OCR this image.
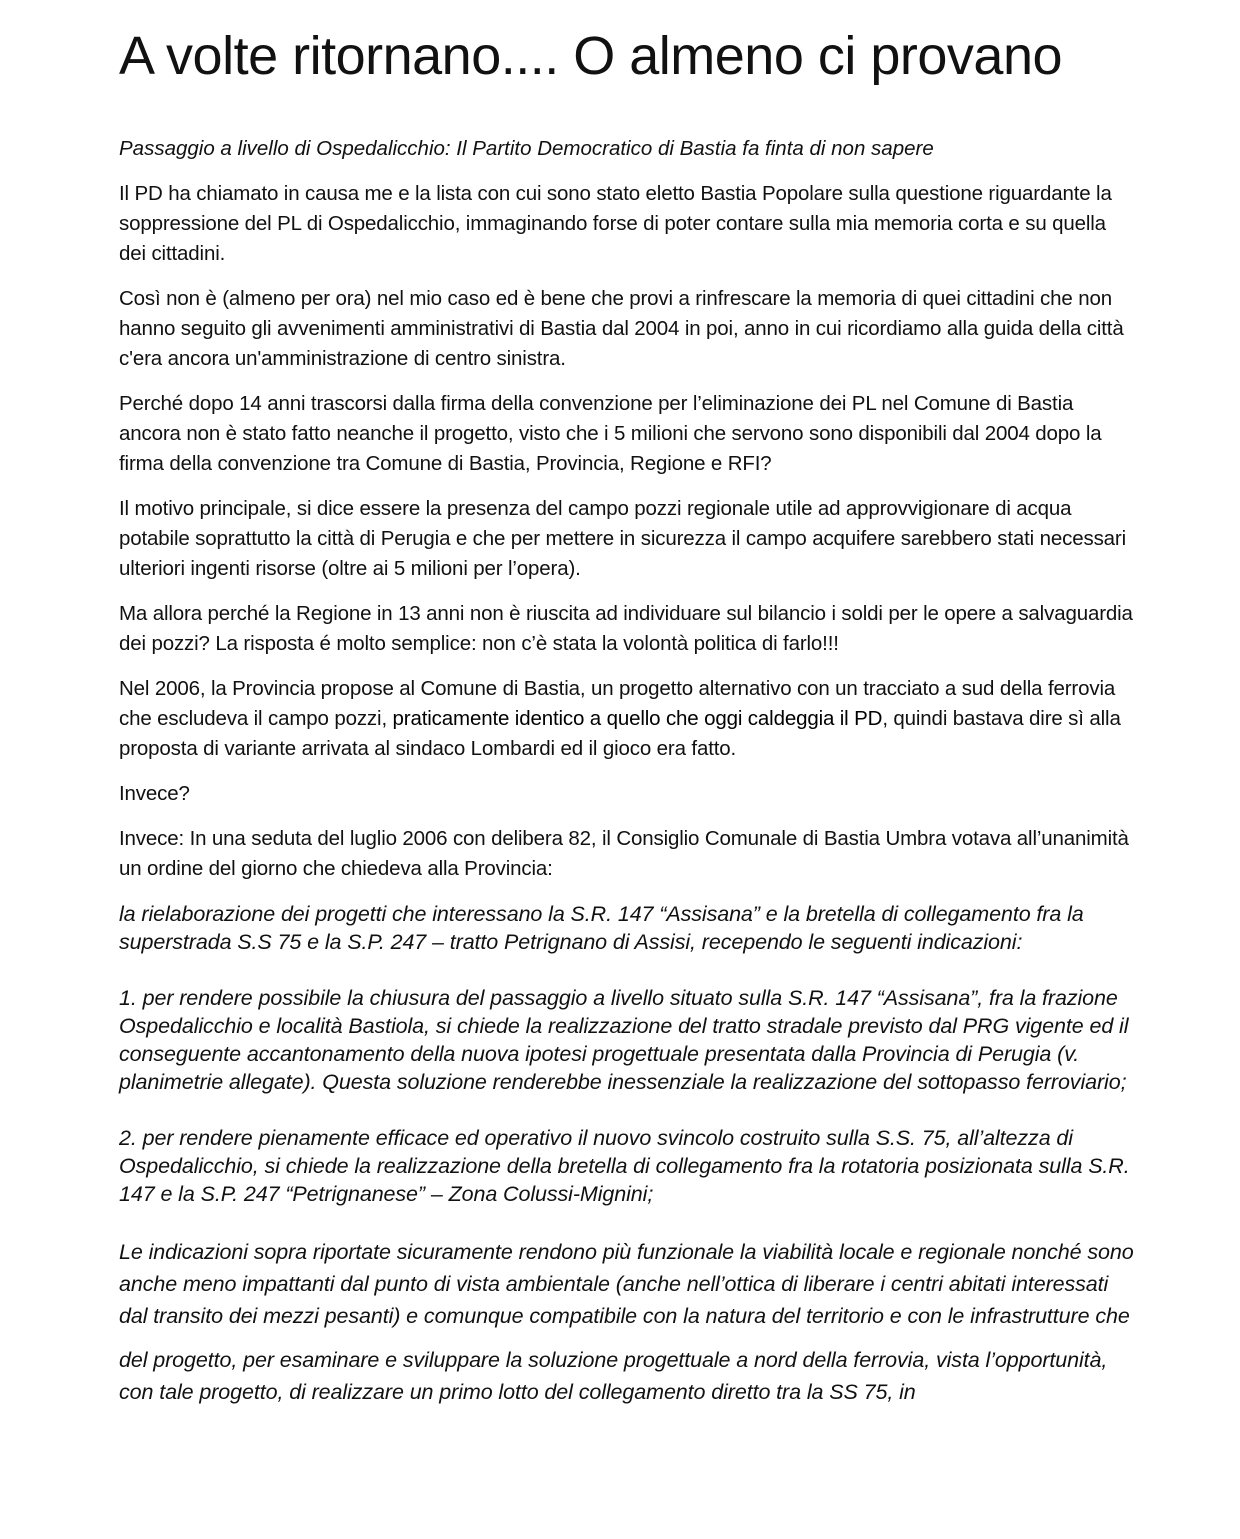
A volte ritornano.... O almeno ci provano
Passaggio a livello di Ospedalicchio: Il Partito Democratico di Bastia fa finta di non sapere

Il PD ha chiamato in causa me e la lista con cui sono stato eletto Bastia Popolare sulla questione riguardante la soppressione del PL di Ospedalicchio, immaginando forse di poter contare sulla mia memoria corta e su quella dei cittadini.

Così non è (almeno per ora) nel mio caso ed è bene che provi a rinfrescare la memoria di quei cittadini che non hanno seguito gli avvenimenti amministrativi di Bastia dal 2004 in poi, anno in cui ricordiamo alla guida della città c'era ancora un'amministrazione di centro sinistra.

Perché dopo 14 anni trascorsi dalla firma della convenzione per l’eliminazione dei PL nel Comune di Bastia ancora non è stato fatto neanche il progetto, visto che i 5 milioni che servono sono disponibili dal 2004 dopo la firma della convenzione tra Comune di Bastia, Provincia, Regione e RFI?

Il motivo principale, si dice essere la presenza del campo pozzi regionale utile ad approvvigionare di acqua potabile soprattutto la città di Perugia e che per mettere in sicurezza il campo acquifere sarebbero stati necessari ulteriori ingenti risorse (oltre ai 5 milioni per l’opera).

Ma allora perché la Regione in 13 anni non è riuscita ad individuare sul bilancio i soldi per le opere a salvaguardia dei pozzi? La risposta é molto semplice: non c’è stata la volontà politica di farlo!!!

Nel 2006, la Provincia propose al Comune di Bastia, un progetto alternativo con un tracciato a sud della ferrovia che escludeva il campo pozzi, praticamente identico a quello che oggi caldeggia il PD, quindi bastava dire sì alla proposta di variante arrivata al sindaco Lombardi ed il gioco era fatto.

Invece?

Invece: In una seduta del luglio 2006 con delibera 82, il Consiglio Comunale di Bastia Umbra votava all’unanimità un ordine del giorno che chiedeva alla Provincia:

la rielaborazione dei progetti che interessano la S.R. 147 “Assisana” e la bretella di collegamento fra la superstrada S.S 75 e la S.P. 247 – tratto Petrignano di Assisi, recependo le seguenti indicazioni:
1. per rendere possibile la chiusura del passaggio a livello situato sulla S.R. 147 “Assisana”, fra la frazione Ospedalicchio e località Bastiola, si chiede la realizzazione del tratto stradale previsto dal PRG vigente ed il conseguente accantonamento della nuova ipotesi progettuale presentata dalla Provincia di Perugia (v. planimetrie allegate). Questa soluzione renderebbe inessenziale la realizzazione del sottopasso ferroviario;
2. per rendere pienamente efficace ed operativo il nuovo svincolo costruito sulla S.S. 75, all’altezza di Ospedalicchio, si chiede la realizzazione della bretella di collegamento fra la rotatoria posizionata sulla S.R. 147 e la S.P. 247 “Petrignanese” – Zona Colussi-Mignini;
Le indicazioni sopra riportate sicuramente rendono più funzionale la viabilità locale e regionale nonché sono anche meno impattanti dal punto di vista ambientale (anche nell’ottica di liberare i centri abitati interessati dal transito dei mezzi pesanti) e comunque compatibile con la natura del territorio e con le infrastrutture che
del progetto, per esaminare e sviluppare la soluzione progettuale a nord della ferrovia, vista l’opportunità, con tale progetto, di realizzare un primo lotto del collegamento diretto tra la SS 75, in
